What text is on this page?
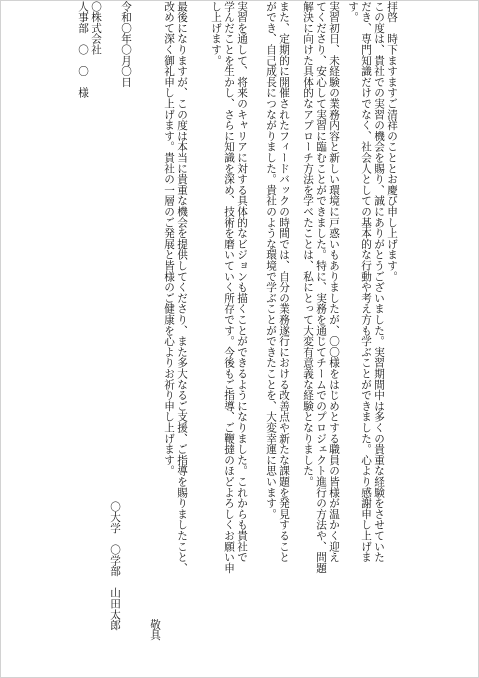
拝啓　時下ますますご清祥のこととお慶び申し上げます。

この度は、貴社での実習の機会を賜り、誠にありがとうございました。実習期間中は多くの貴重な経験をさせていた

だき、専門知識だけでなく、社会人としての基本的な行動や考え方も学ぶことができました。心より感謝申し上げま

す。

実習初日、未経験の業務内容と新しい環境に戸惑いもありましたが、〇〇様をはじめとする職員の皆様が温かく迎え

てくださり、安心して実習に臨むことができました。特に、実務を通じてチームでのプロジェクト進行の方法や、問題

解決に向けた具体的なアプローチ方法を学べたことは、私にとって大変有意義な経験となりました。

また、定期的に開催されたフィードバックの時間では、自分の業務遂行における改善点や新たな課題を発見すること

ができ、自己成長につながりました。貴社のような環境で学ぶことができたことを、大変幸運に思います。

実習を通して、将来のキャリアに対する具体的なビジョンも描くことができるようになりました。これからも貴社で

学んだことを生かし、さらに知識を深め、技術を磨いていく所存です。今後もご指導、ご鞭撻のほどよろしくお願い申

し上げます。

最後になりますが、この度は本当に貴重な機会を提供してくださり、また多大なるご支援、ご指導を賜りましたこと、

改めて深く御礼申し上げます。貴社の一層のご発展と皆様のご健康を心よりお祈り申し上げます。

〇大学　〇学部　山田太郎	敬具

令和〇年〇月〇日

〇株式会社

人事部　〇　〇　様
